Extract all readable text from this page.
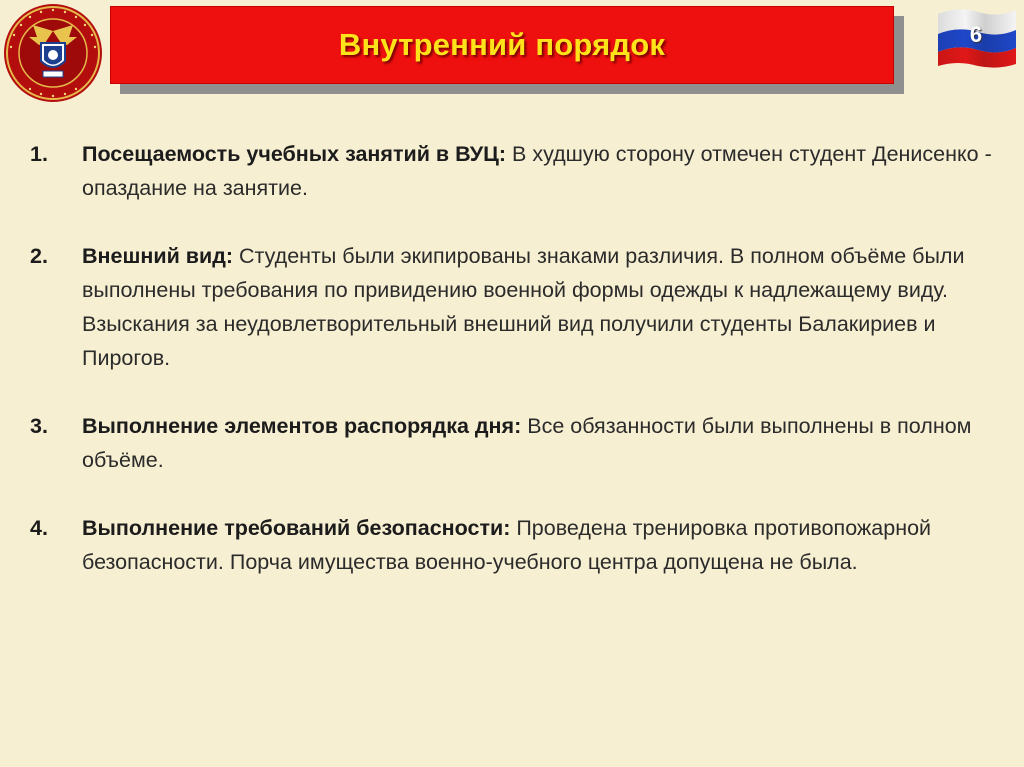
Внутренний порядок	6
1. Посещаемость учебных занятий в ВУЦ: В худшую сторону отмечен студент Денисенко - опаздание на занятие.
2. Внешний вид: Студенты были экипированы знаками различия. В полном объёме были выполнены требования по привидению военной формы одежды к надлежащему виду. Взыскания за неудовлетворительный внешний вид получили студенты Балакириев и Пирогов.
3. Выполнение элементов распорядка дня: Все обязанности были выполнены в полном объёме.
4. Выполнение требований безопасности: Проведена тренировка противопожарной безопасности. Порча имущества военно-учебного центра допущена не была.
